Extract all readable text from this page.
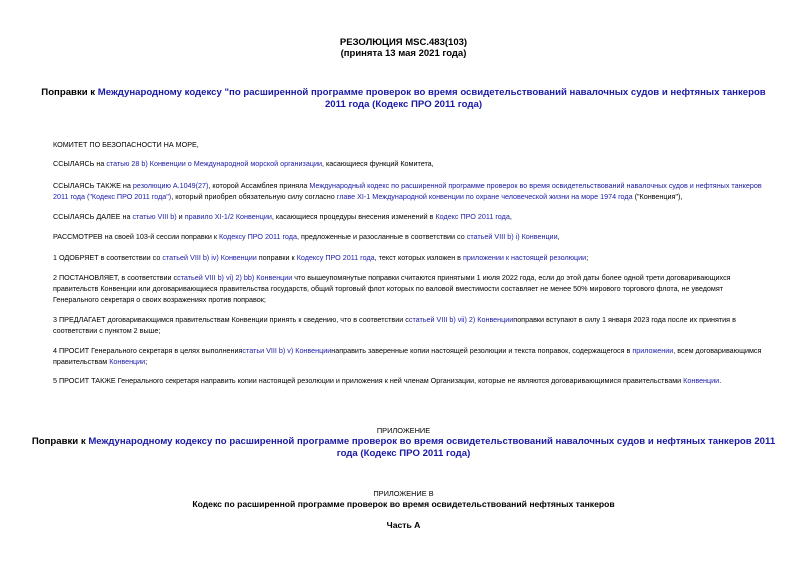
РЕЗОЛЮЦИЯ MSC.483(103)
(принята 13 мая 2021 года)
Поправки к Международному кодексу "по расширенной программе проверок во время освидетельствований навалочных судов и нефтяных танкеров 2011 года (Кодекс ПРО 2011 года)
КОМИТЕТ ПО БЕЗОПАСНОСТИ НА МОРЕ,
ССЫЛАЯСЬ на статью 28 b) Конвенции о Международной морской организации, касающиеся функций Комитета,
ССЫЛАЯСЬ ТАКЖЕ на резолюцию A.1049(27), которой Ассамблея приняла Международный кодекс по расширенной программе проверок во время освидетельствований навалочных судов и нефтяных танкеров 2011 года ("Кодекс ПРО 2011 года"), который приобрел обязательную силу согласно главе XI-1 Международной конвенции по охране человеческой жизни на море 1974 года ("Конвенция"),
ССЫЛАЯСЬ ДАЛЕЕ на статью VIII b) и правило XI-1/2 Конвенции, касающиеся процедуры внесения изменений в Кодекс ПРО 2011 года,
РАССМОТРЕВ на своей 103-й сессии поправки к Кодексу ПРО 2011 года, предложенные и разосланные в соответствии со статьей VIII b) i) Конвенции,
1 ОДОБРЯЕТ в соответствии со статьей VIII b) iv) Конвенции поправки к Кодексу ПРО 2011 года, текст которых изложен в приложении к настоящей резолюции;
2 ПОСТАНОВЛЯЕТ, в соответствии сстатьей VIII b) vi) 2) bb) Конвенции что вышеупомянутые поправки считаются принятыми 1 июля 2022 года, если до этой даты более одной трети договаривающихся правительств Конвенции или договаривающиеся правительства государств, общий торговый флот которых по валовой вместимости составляет не менее 50% мирового торгового флота, не уведомят Генерального секретаря о своих возражениях против поправок;
3 ПРЕДЛАГАЕТ договаривающимся правительствам Конвенции принять к сведению, что в соответствии сстатьей VIII b) vii) 2) Конвенциипоправки вступают в силу 1 января 2023 года после их принятия в соответствии с пунктом 2 выше;
4 ПРОСИТ Генерального секретаря в целях выполнениястатьи VIII b) v) Конвенциинаправить заверенные копии настоящей резолюции и текста поправок, содержащегося в приложении, всем договаривающимся правительствам Конвенции;
5 ПРОСИТ ТАКЖЕ Генерального секретаря направить копии настоящей резолюции и приложения к ней членам Организации, которые не являются договаривающимися правительствами Конвенции.
ПРИЛОЖЕНИЕ
Поправки к Международному кодексу по расширенной программе проверок во время освидетельствований навалочных судов и нефтяных танкеров 2011 года (Кодекс ПРО 2011 года)
ПРИЛОЖЕНИЕ B
Кодекс по расширенной программе проверок во время освидетельствований нефтяных танкеров
Часть A
